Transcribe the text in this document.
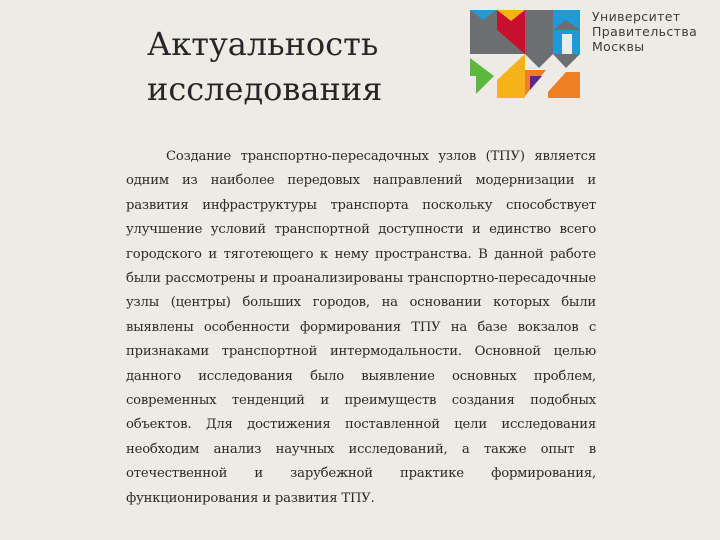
Актуальность
исследования
Университет
Правительства
Москвы

Создание транспортно-пересадочных узлов (ТПУ) является одним из наиболее передовых направлений модернизации и развития инфраструктуры транспорта поскольку способствует улучшение условий транспортной доступности и единство всего городского и тяготеющего к нему пространства. В данной работе были рассмотрены и проанализированы транспортно-пересадочные узлы (центры) больших городов, на основании которых были выявлены особенности формирования ТПУ на базе вокзалов с признаками транспортной интермодальности. Основной целью данного исследования было выявление основных проблем, современных тенденций и преимуществ создания подобных объектов. Для достижения поставленной цели исследования необходим анализ научных исследований, а также опыт в отечественной и зарубежной практике формирования, функционирования и развития ТПУ.
